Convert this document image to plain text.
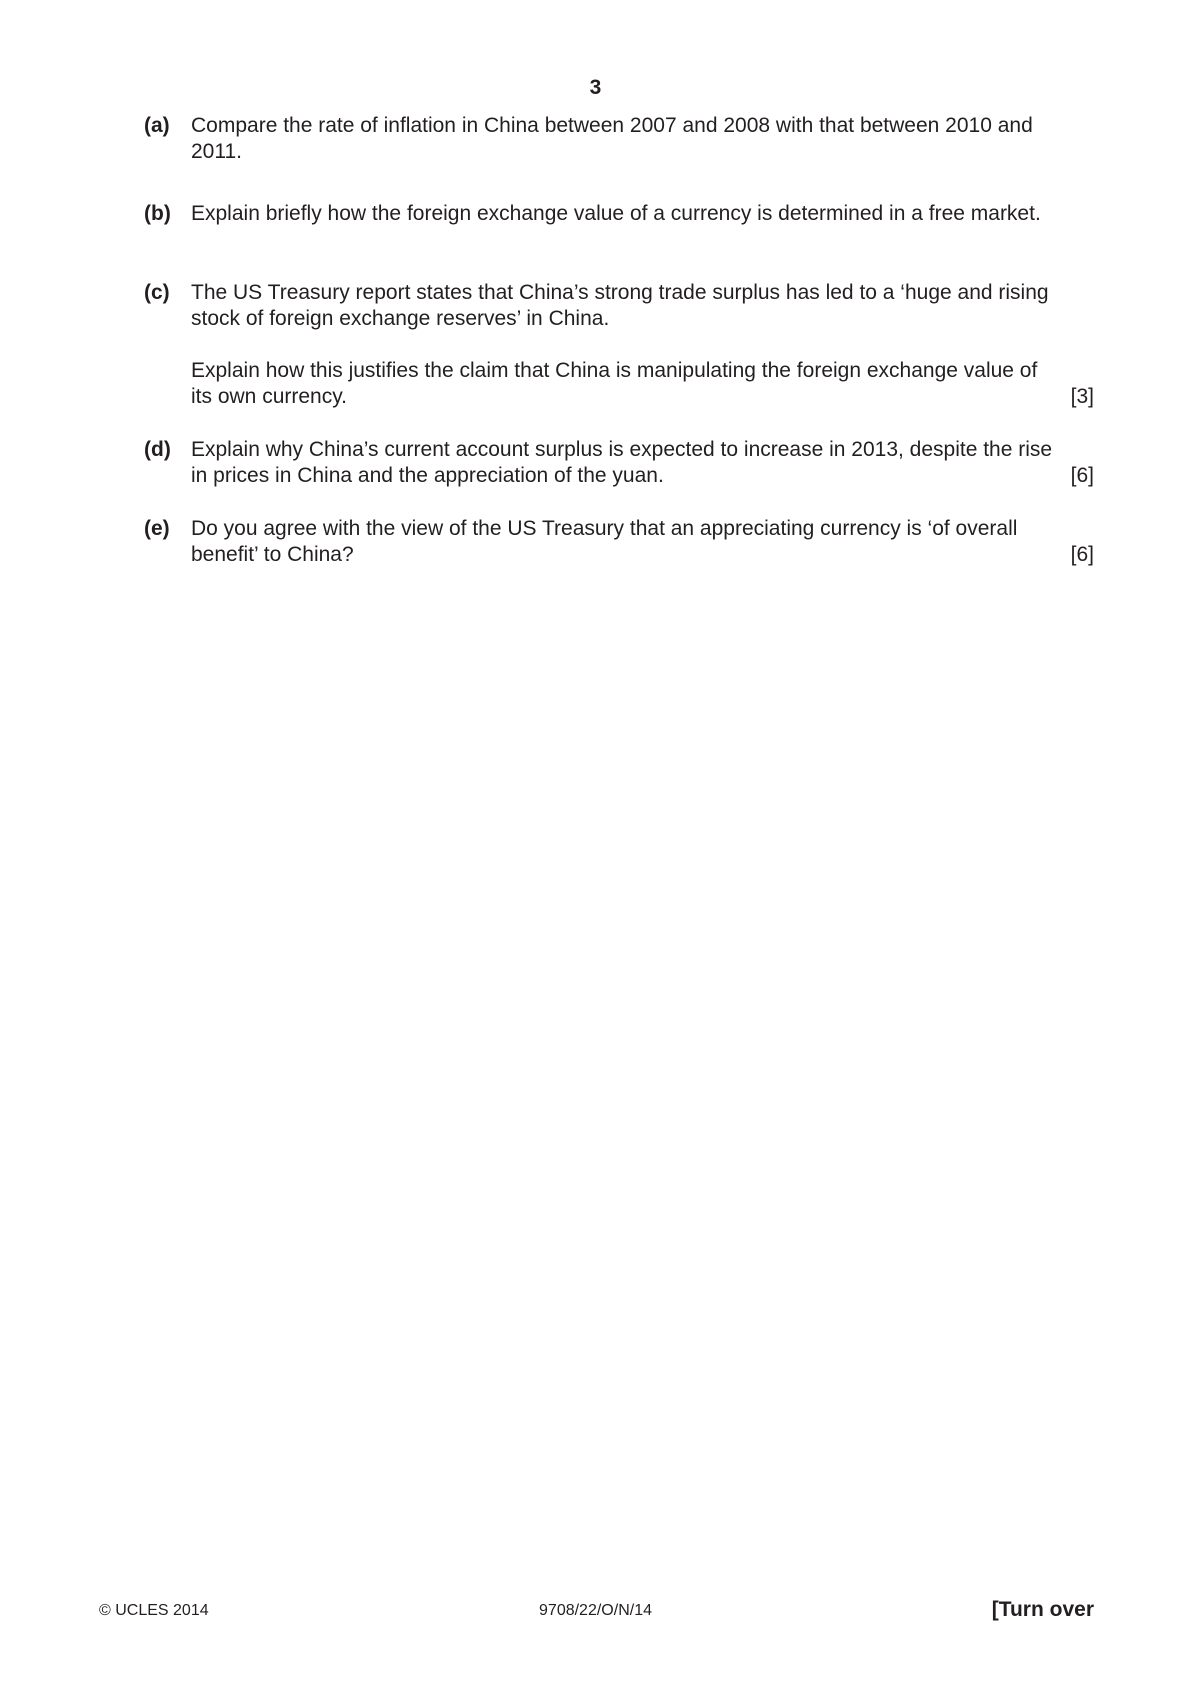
3
(a) Compare the rate of inflation in China between 2007 and 2008 with that between 2010 and
2011.
(b) Explain briefly how the foreign exchange value of a currency is determined in a free market.
(c) The US Treasury report states that China’s strong trade surplus has led to a ‘huge and rising
stock of foreign exchange reserves’ in China.
Explain how this justifies the claim that China is manipulating the foreign exchange value of
its own currency.	[3]
(d) Explain why China’s current account surplus is expected to increase in 2013, despite the rise
in prices in China and the appreciation of the yuan.	[6]
(e) Do you agree with the view of the US Treasury that an appreciating currency is ‘of overall
benefit’ to China?	[6]
© UCLES 2014	9708/22/O/N/14	[Turn over
